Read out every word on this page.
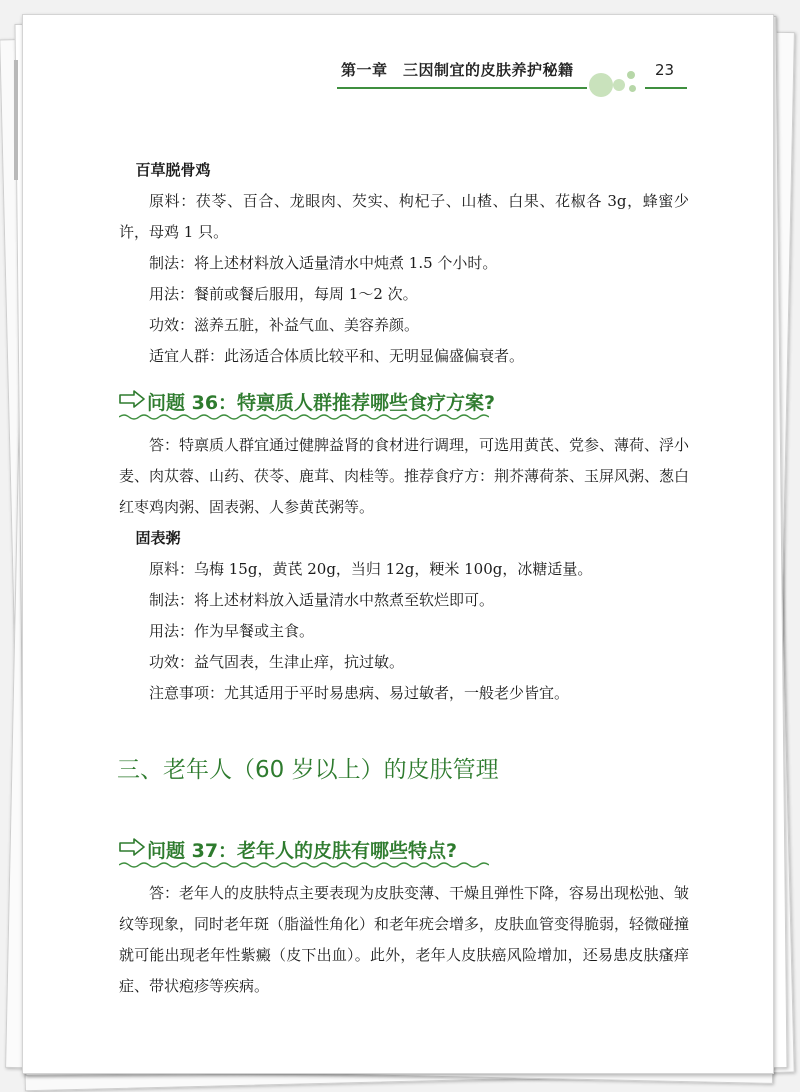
第一章　三因制宜的皮肤养护秘籍	23

百草脱骨鸡

原料：茯苓、百合、龙眼肉、芡实、枸杞子、山楂、白果、花椒各 3g，蜂蜜少许，母鸡 1 只。

制法：将上述材料放入适量清水中炖煮 1.5 个小时。

用法：餐前或餐后服用，每周 1～2 次。

功效：滋养五脏，补益气血、美容养颜。

适宜人群：此汤适合体质比较平和、无明显偏盛偏衰者。

问题 36：特禀质人群推荐哪些食疗方案?

答：特禀质人群宜通过健脾益肾的食材进行调理，可选用黄芪、党参、薄荷、浮小麦、肉苁蓉、山药、茯苓、鹿茸、肉桂等。推荐食疗方：荆芥薄荷茶、玉屏风粥、葱白红枣鸡肉粥、固表粥、人参黄芪粥等。

固表粥

原料：乌梅 15g，黄芪 20g，当归 12g，粳米 100g，冰糖适量。

制法：将上述材料放入适量清水中熬煮至软烂即可。

用法：作为早餐或主食。

功效：益气固表，生津止痒，抗过敏。

注意事项：尤其适用于平时易患病、易过敏者，一般老少皆宜。

三、老年人（60 岁以上）的皮肤管理
问题 37：老年人的皮肤有哪些特点?

答：老年人的皮肤特点主要表现为皮肤变薄、干燥且弹性下降，容易出现松弛、皱纹等现象，同时老年斑（脂溢性角化）和老年疣会增多，皮肤血管变得脆弱，轻微碰撞就可能出现老年性紫癜（皮下出血）。此外，老年人皮肤癌风险增加，还易患皮肤瘙痒症、带状疱疹等疾病。
